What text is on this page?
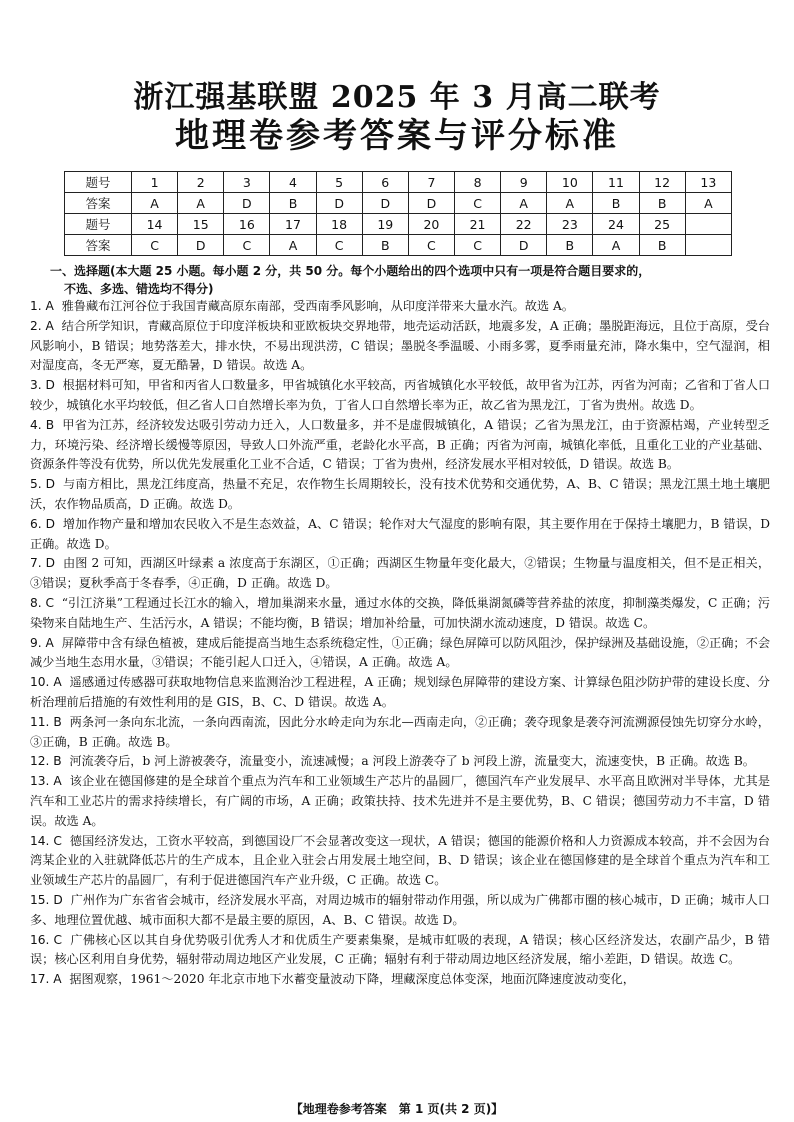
浙江强基联盟 2025 年 3 月高二联考
地理卷参考答案与评分标准
题号	1	2	3	4	5	6	7	8	9	10	11	12	13
答案	A	A	D	B	D	D	D	C	A	A	B	B	A
题号	14	15	16	17	18	19	20	21	22	23	24	25	
答案	C	D	C	A	C	B	C	C	D	B	A	B	
一、选择题(本大题 25 小题。每小题 2 分，共 50 分。每个小题给出的四个选项中只有一项是符合题目要求的，
不选、多选、错选均不得分)

1. A 雅鲁藏布江河谷位于我国青藏高原东南部，受西南季风影响，从印度洋带来大量水汽。故选 A。

2. A 结合所学知识，青藏高原位于印度洋板块和亚欧板块交界地带，地壳运动活跃，地震多发，A 正确；墨脱距海远，且位于高原，受台风影响小，B 错误；地势落差大，排水快，不易出现洪涝，C 错误；墨脱冬季温暖、小雨多雾，夏季雨量充沛，降水集中，空气湿润，相对湿度高，冬无严寒，夏无酷暑，D 错误。故选 A。

3. D 根据材料可知，甲省和丙省人口数量多，甲省城镇化水平较高，丙省城镇化水平较低，故甲省为江苏，丙省为河南；乙省和丁省人口较少，城镇化水平均较低，但乙省人口自然增长率为负，丁省人口自然增长率为正，故乙省为黑龙江，丁省为贵州。故选 D。

4. B 甲省为江苏，经济较发达吸引劳动力迁入，人口数量多，并不是虚假城镇化，A 错误；乙省为黑龙江，由于资源枯竭，产业转型乏力，环境污染、经济增长缓慢等原因，导致人口外流严重，老龄化水平高，B 正确；丙省为河南，城镇化率低，且重化工业的产业基础、资源条件等没有优势，所以优先发展重化工业不合适，C 错误；丁省为贵州，经济发展水平相对较低，D 错误。故选 B。

5. D 与南方相比，黑龙江纬度高，热量不充足，农作物生长周期较长，没有技术优势和交通优势，A、B、C 错误；黑龙江黑土地土壤肥沃，农作物品质高，D 正确。故选 D。

6. D 增加作物产量和增加农民收入不是生态效益，A、C 错误；轮作对大气湿度的影响有限，其主要作用在于保持土壤肥力，B 错误，D 正确。故选 D。

7. D 由图 2 可知，西湖区叶绿素 a 浓度高于东湖区，①正确；西湖区生物量年变化最大，②错误；生物量与温度相关，但不是正相关，③错误；夏秋季高于冬春季，④正确，D 正确。故选 D。

8. C “引江济巢”工程通过长江水的输入，增加巢湖来水量，通过水体的交换，降低巢湖氮磷等营养盐的浓度，抑制藻类爆发，C 正确；污染物来自陆地生产、生活污水，A 错误；不能均衡，B 错误；增加补给量，可加快湖水流动速度，D 错误。故选 C。

9. A 屏障带中含有绿色植被，建成后能提高当地生态系统稳定性，①正确；绿色屏障可以防风阻沙，保护绿洲及基础设施，②正确；不会减少当地生态用水量，③错误；不能引起人口迁入，④错误，A 正确。故选 A。

10. A 遥感通过传感器可获取地物信息来监测治沙工程进程，A 正确；规划绿色屏障带的建设方案、计算绿色阻沙防护带的建设长度、分析治理前后措施的有效性利用的是 GIS，B、C、D 错误。故选 A。

11. B 两条河一条向东北流，一条向西南流，因此分水岭走向为东北—西南走向，②正确；袭夺现象是袭夺河流溯源侵蚀先切穿分水岭，③正确，B 正确。故选 B。

12. B 河流袭夺后，b 河上游被袭夺，流量变小，流速减慢；a 河段上游袭夺了 b 河段上游，流量变大，流速变快，B 正确。故选 B。

13. A 该企业在德国修建的是全球首个重点为汽车和工业领域生产芯片的晶圆厂，德国汽车产业发展早、水平高且欧洲对半导体，尤其是汽车和工业芯片的需求持续增长，有广阔的市场，A 正确；政策扶持、技术先进并不是主要优势，B、C 错误；德国劳动力不丰富，D 错误。故选 A。

14. C 德国经济发达，工资水平较高，到德国设厂不会显著改变这一现状，A 错误；德国的能源价格和人力资源成本较高，并不会因为台湾某企业的入驻就降低芯片的生产成本，且企业入驻会占用发展土地空间，B、D 错误；该企业在德国修建的是全球首个重点为汽车和工业领域生产芯片的晶圆厂，有利于促进德国汽车产业升级，C 正确。故选 C。

15. D 广州作为广东省省会城市，经济发展水平高，对周边城市的辐射带动作用强，所以成为广佛都市圈的核心城市，D 正确；城市人口多、地理位置优越、城市面积大都不是最主要的原因，A、B、C 错误。故选 D。

16. C 广佛核心区以其自身优势吸引优秀人才和优质生产要素集聚，是城市虹吸的表现，A 错误；核心区经济发达，农副产品少，B 错误；核心区利用自身优势，辐射带动周边地区产业发展，C 正确；辐射有利于带动周边地区经济发展，缩小差距，D 错误。故选 C。

17. A 据图观察，1961～2020 年北京市地下水蓄变量波动下降，埋藏深度总体变深，地面沉降速度波动变化，

【地理卷参考答案　第 1 页(共 2 页)】
